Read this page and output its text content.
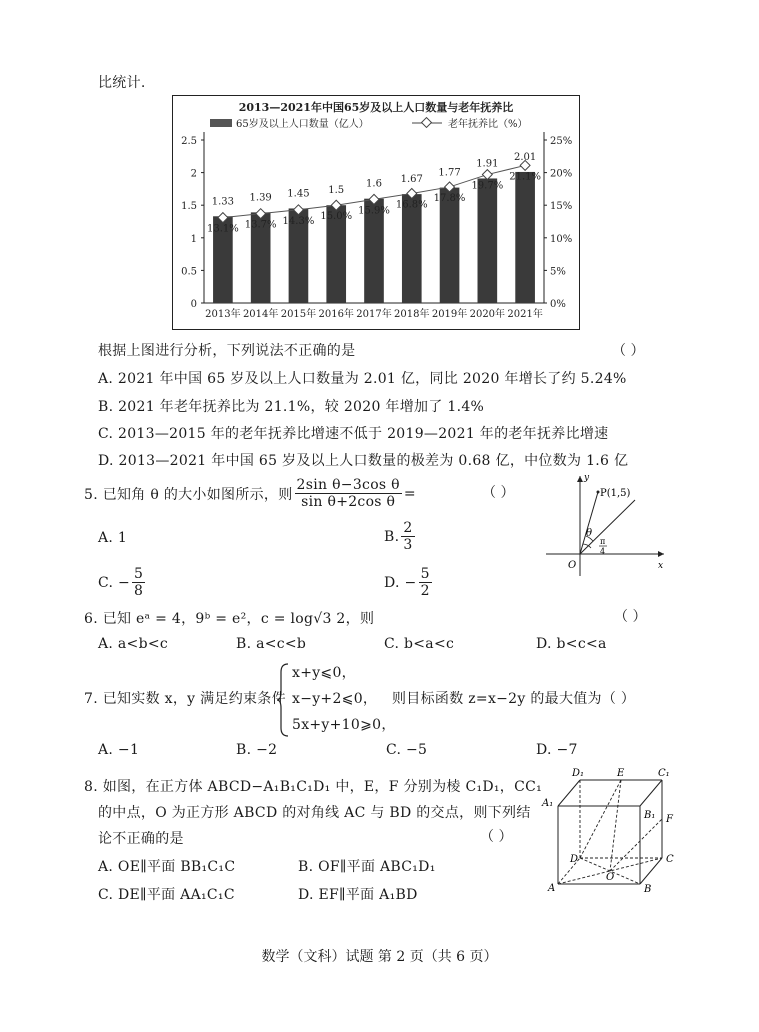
比统计.
2013—2021年中国65岁及以上人口数量与老年抚养比
65岁及以上人口数量（亿人）	老年抚养比（%）
0
0.5
1
1.5
2
2.5
0%
5%
10%
15%
20%
25%
2013年 2014年 2015年 2016年 2017年 2018年 2019年 2020年 2021年
1.33
13.1%
1.39
13.7%
1.45
14.3%
1.5
15.0%
1.6
15.9%
1.67
16.8%
1.77
17.8%
1.91
19.7%
2.01
21.1%
根据上图进行分析，下列说法不正确的是	（ ）
A. 2021 年中国 65 岁及以上人口数量为 2.01 亿，同比 2020 年增长了约 5.24%
B. 2021 年老年抚养比为 21.1%，较 2020 年增加了 1.4%
C. 2013—2015 年的老年抚养比增速不低于 2019—2021 年的老年抚养比增速
D. 2013—2021 年中国 65 岁及以上人口数量的极差为 0.68 亿，中位数为 1.6 亿
5. 已知角 θ 的大小如图所示，则 $\frac{\text{2sin θ−3cos θ}}{\text{sin θ+2cos θ}}$ =	（ ）
A. 1	B. $\frac{2}{3}$
C. − $\frac{5}{8}$	D. − $\frac{5}{2}$
P(1,5)
θ
π
4
O	x
y
6. 已知 eᵃ = 4，9ᵇ = e²，c = log√3 2，则	（ ）
A. a<b<c	B. a<c<b	C. b<a<c	D. b<c<a
7. 已知实数 x，y 满足约束条件
x+y⩽0，
x−y+2⩽0，
5x+y+10⩾0，
则目标函数 z=x−2y 的最大值为（ ）
A. −1	B. −2	C. −5	D. −7
8. 如图，在正方体 ABCD−A₁B₁C₁D₁ 中，E，F 分别为棱 C₁D₁，CC₁
的中点，O 为正方形 ABCD 的对角线 AC 与 BD 的交点，则下列结
论不正确的是	（ ）
A. OE∥平面 BB₁C₁C	B. OF∥平面 ABC₁D₁
C. DE∥平面 AA₁C₁C	D. EF∥平面 A₁BD
D₁	E	C₁
A₁
B₁ F
D	C
O
A	B
数学（文科）试题 第 2 页（共 6 页）
